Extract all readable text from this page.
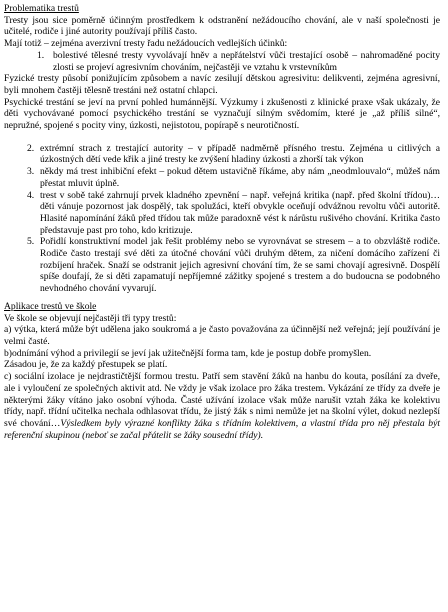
Problematika trestů

Tresty jsou sice poměrně účinným prostředkem k odstranění nežádoucího chování, ale v naší společnosti je učitelé, rodiče i jiné autority používají příliš často.

Mají totiž – zejména averzivní tresty řadu nežádoucích vedlejších účinků:

1. bolestivé tělesné tresty vyvolávají hněv a nepřátelství vůči trestající osobě – nahromaděné pocity zlosti se projeví agresivním chováním, nejčastěji ve vztahu k vrstevníkům

Fyzické tresty působí ponižujícím způsobem a navíc zesilují dětskou agresivitu: delikventi, zejména agresivní, byli mnohem častěji tělesně trestáni než ostatní chlapci.

Psychické trestání se jeví na první pohled humánnější. Výzkumy i zkušenosti z klinické praxe však ukázaly, že děti vychovávané pomocí psychického trestání se vyznačují silným svědomím, které je „až příliš silné“, nepružné, spojené s pocity viny, úzkosti, nejistotou, popírapě s neurotičností.

2. extrémní strach z trestající autority – v případě nadměrně přísného trestu. Zejména u citlivých a úzkostných dětí vede křik a jiné tresty ke zvýšení hladiny úzkosti a zhorší tak výkon
3. někdy má trest inhibiční efekt – pokud dětem ustavičně říkáme, aby nám „neodmlouvalo“, můžeš nám přestat mluvit úplně.
4. trest v sobě také zahrnují prvek kladného zpevnění – např. veřejná kritika (např. před školní třídou)…děti vánuje pozornost jak dospělý, tak spolužáci, kteří obvykle oceňují odvážnou revoltu vůči autoritě. Hlasité napomínání žáků před třídou tak může paradoxně vést k nárůstu rušivého chování. Kritika často představuje past pro toho, kdo kritizuje.
5. Pořidlí konstruktivní model jak řešit problémy nebo se vyrovnávat se stresem – a to obzvláště rodiče. Rodiče často trestají své děti za útočné chování vůči druhým dětem, za ničení domácího zařízení či rozbíjení hraček. Snaží se odstranit jejich agresivní chování tím, že se sami chovají agresivně. Dospělí spíše doufají, že si děti zapamatují nepříjemné zážitky spojené s trestem a do budoucna se podobného nevhodného chování vyvarují.

Aplikace trestů ve škole

Ve škole se objevují nejčastěji tři typy trestů:

a) výtka, která může být udělena jako soukromá a je často považována za účinnější než veřejná; její používání je velmi časté.

b)odnímání výhod a privilegií se jeví jak užitečnější forma tam, kde je postup dobře promyšlen.

Zásadou je, že za každý přestupek se platí.

c) sociální izolace je nejdrastičtější formou trestu. Patří sem stavění žáků na hanbu do kouta, posílání za dveře, ale i vyloučení ze společných aktivit atd. Ne vždy je však izolace pro žáka trestem. Vykázání ze třídy za dveře je některými žáky vítáno jako osobní výhoda. Časté užívání izolace však může narušit vztah žáka ke kolektivu třídy, např. třídní učitelka nechala odhlasovat třídu, že jistý žák s nimi nemůže jet na školní výlet, dokud nezlepší své chování…Výsledkem byly výrazné konflikty žáka s třídním kolektivem, a vlastní třída pro něj přestala být referenční skupinou (neboť se začal přátelit se žáky sousední třídy).
